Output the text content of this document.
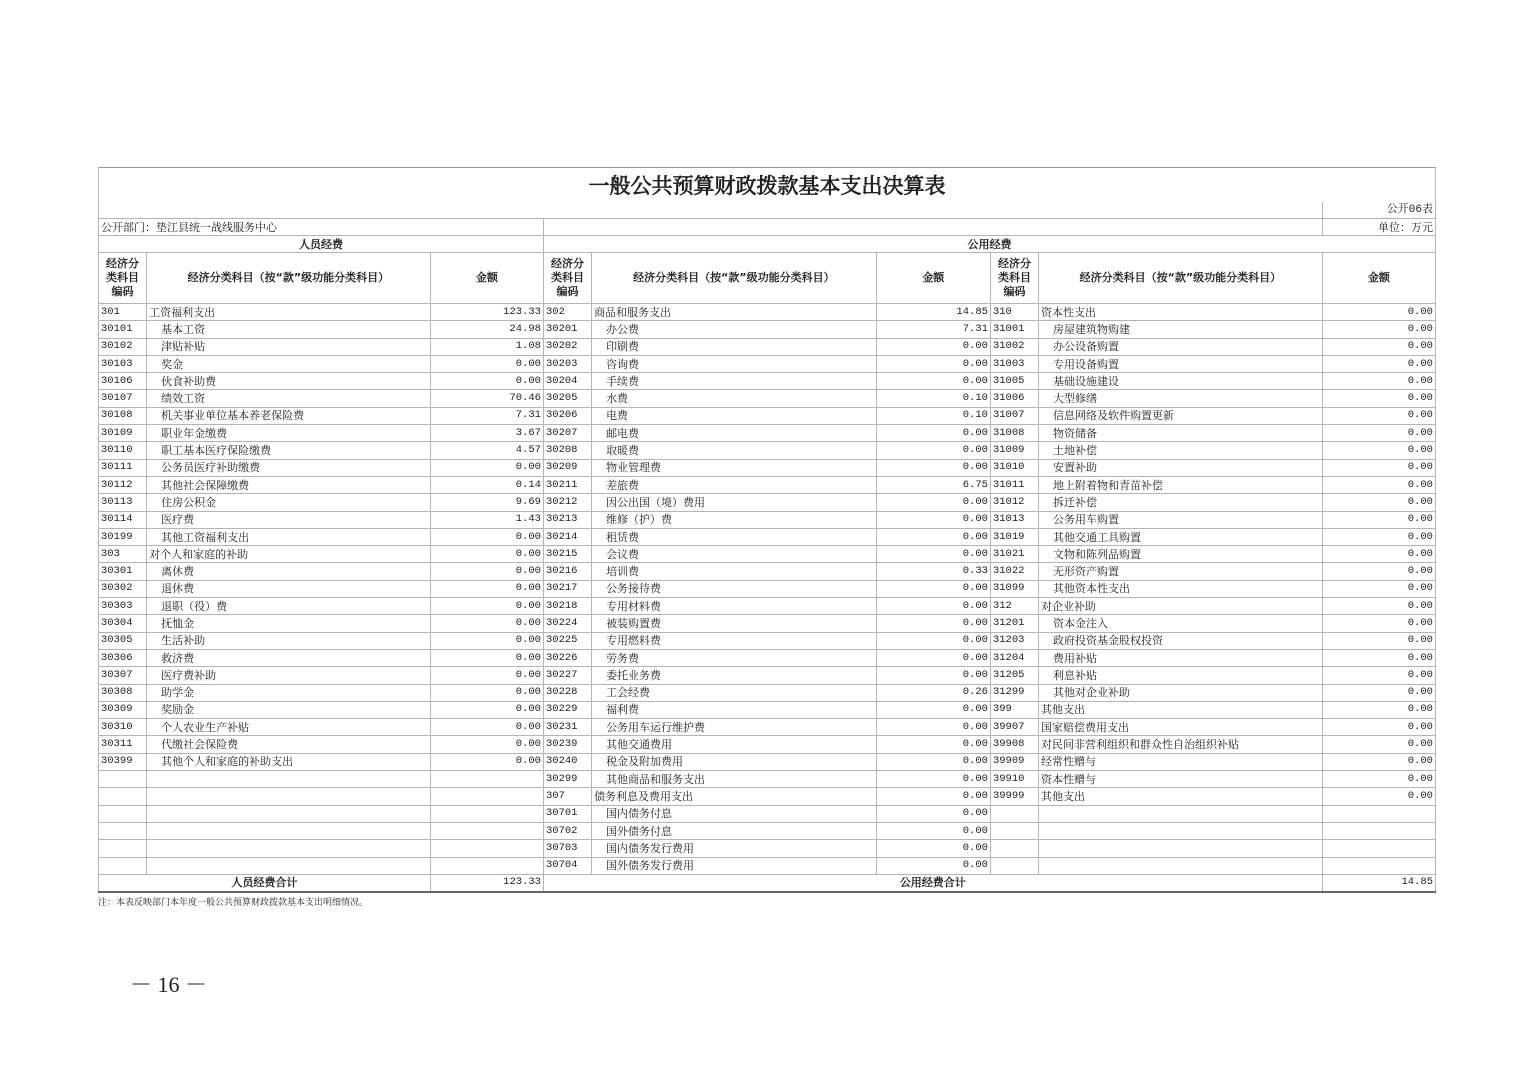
一般公共预算财政拨款基本支出决算表
								公开06表
公开部门：垫江县统一战线服务中心								单位：万元
人员经费			公用经费					
经济分类科目编码	经济分类科目（按“款”级功能分类科目）	金额	经济分类科目编码	经济分类科目（按“款”级功能分类科目）	金额	经济分类科目编码	经济分类科目（按“款”级功能分类科目）	金额
301	工资福利支出	123.33	302	商品和服务支出	14.85	310	资本性支出	0.00
30101	基本工资	24.98	30201	办公费	7.31	31001	房屋建筑物购建	0.00
30102	津贴补贴	1.08	30202	印刷费	0.00	31002	办公设备购置	0.00
30103	奖金	0.00	30203	咨询费	0.00	31003	专用设备购置	0.00
30106	伙食补助费	0.00	30204	手续费	0.00	31005	基础设施建设	0.00
30107	绩效工资	70.46	30205	水费	0.10	31006	大型修缮	0.00
30108	机关事业单位基本养老保险费	7.31	30206	电费	0.10	31007	信息网络及软件购置更新	0.00
30109	职业年金缴费	3.67	30207	邮电费	0.00	31008	物资储备	0.00
30110	职工基本医疗保险缴费	4.57	30208	取暖费	0.00	31009	土地补偿	0.00
30111	公务员医疗补助缴费	0.00	30209	物业管理费	0.00	31010	安置补助	0.00
30112	其他社会保障缴费	0.14	30211	差旅费	6.75	31011	地上附着物和青苗补偿	0.00
30113	住房公积金	9.69	30212	因公出国（境）费用	0.00	31012	拆迁补偿	0.00
30114	医疗费	1.43	30213	维修（护）费	0.00	31013	公务用车购置	0.00
30199	其他工资福利支出	0.00	30214	租赁费	0.00	31019	其他交通工具购置	0.00
303	对个人和家庭的补助	0.00	30215	会议费	0.00	31021	文物和陈列品购置	0.00
30301	离休费	0.00	30216	培训费	0.33	31022	无形资产购置	0.00
30302	退休费	0.00	30217	公务接待费	0.00	31099	其他资本性支出	0.00
30303	退职（役）费	0.00	30218	专用材料费	0.00	312	对企业补助	0.00
30304	抚恤金	0.00	30224	被装购置费	0.00	31201	资本金注入	0.00
30305	生活补助	0.00	30225	专用燃料费	0.00	31203	政府投资基金股权投资	0.00
30306	救济费	0.00	30226	劳务费	0.00	31204	费用补贴	0.00
30307	医疗费补助	0.00	30227	委托业务费	0.00	31205	利息补贴	0.00
30308	助学金	0.00	30228	工会经费	0.26	31299	其他对企业补助	0.00
30309	奖励金	0.00	30229	福利费	0.00	399	其他支出	0.00
30310	个人农业生产补贴	0.00	30231	公务用车运行维护费	0.00	39907	国家赔偿费用支出	0.00
30311	代缴社会保险费	0.00	30239	其他交通费用	0.00	39908	对民间非营利组织和群众性自治组织补贴	0.00
30399	其他个人和家庭的补助支出	0.00	30240	税金及附加费用	0.00	39909	经常性赠与	0.00
			30299	其他商品和服务支出	0.00	39910	资本性赠与	0.00
			307	债务利息及费用支出	0.00	39999	其他支出	0.00
			30701	国内债务付息	0.00			
			30702	国外债务付息	0.00			
			30703	国内债务发行费用	0.00			
			30704	国外债务发行费用	0.00			
人员经费合计		123.33	公用经费合计					14.85
注：本表反映部门本年度一般公共预算财政拨款基本支出明细情况。
－ 16 －
